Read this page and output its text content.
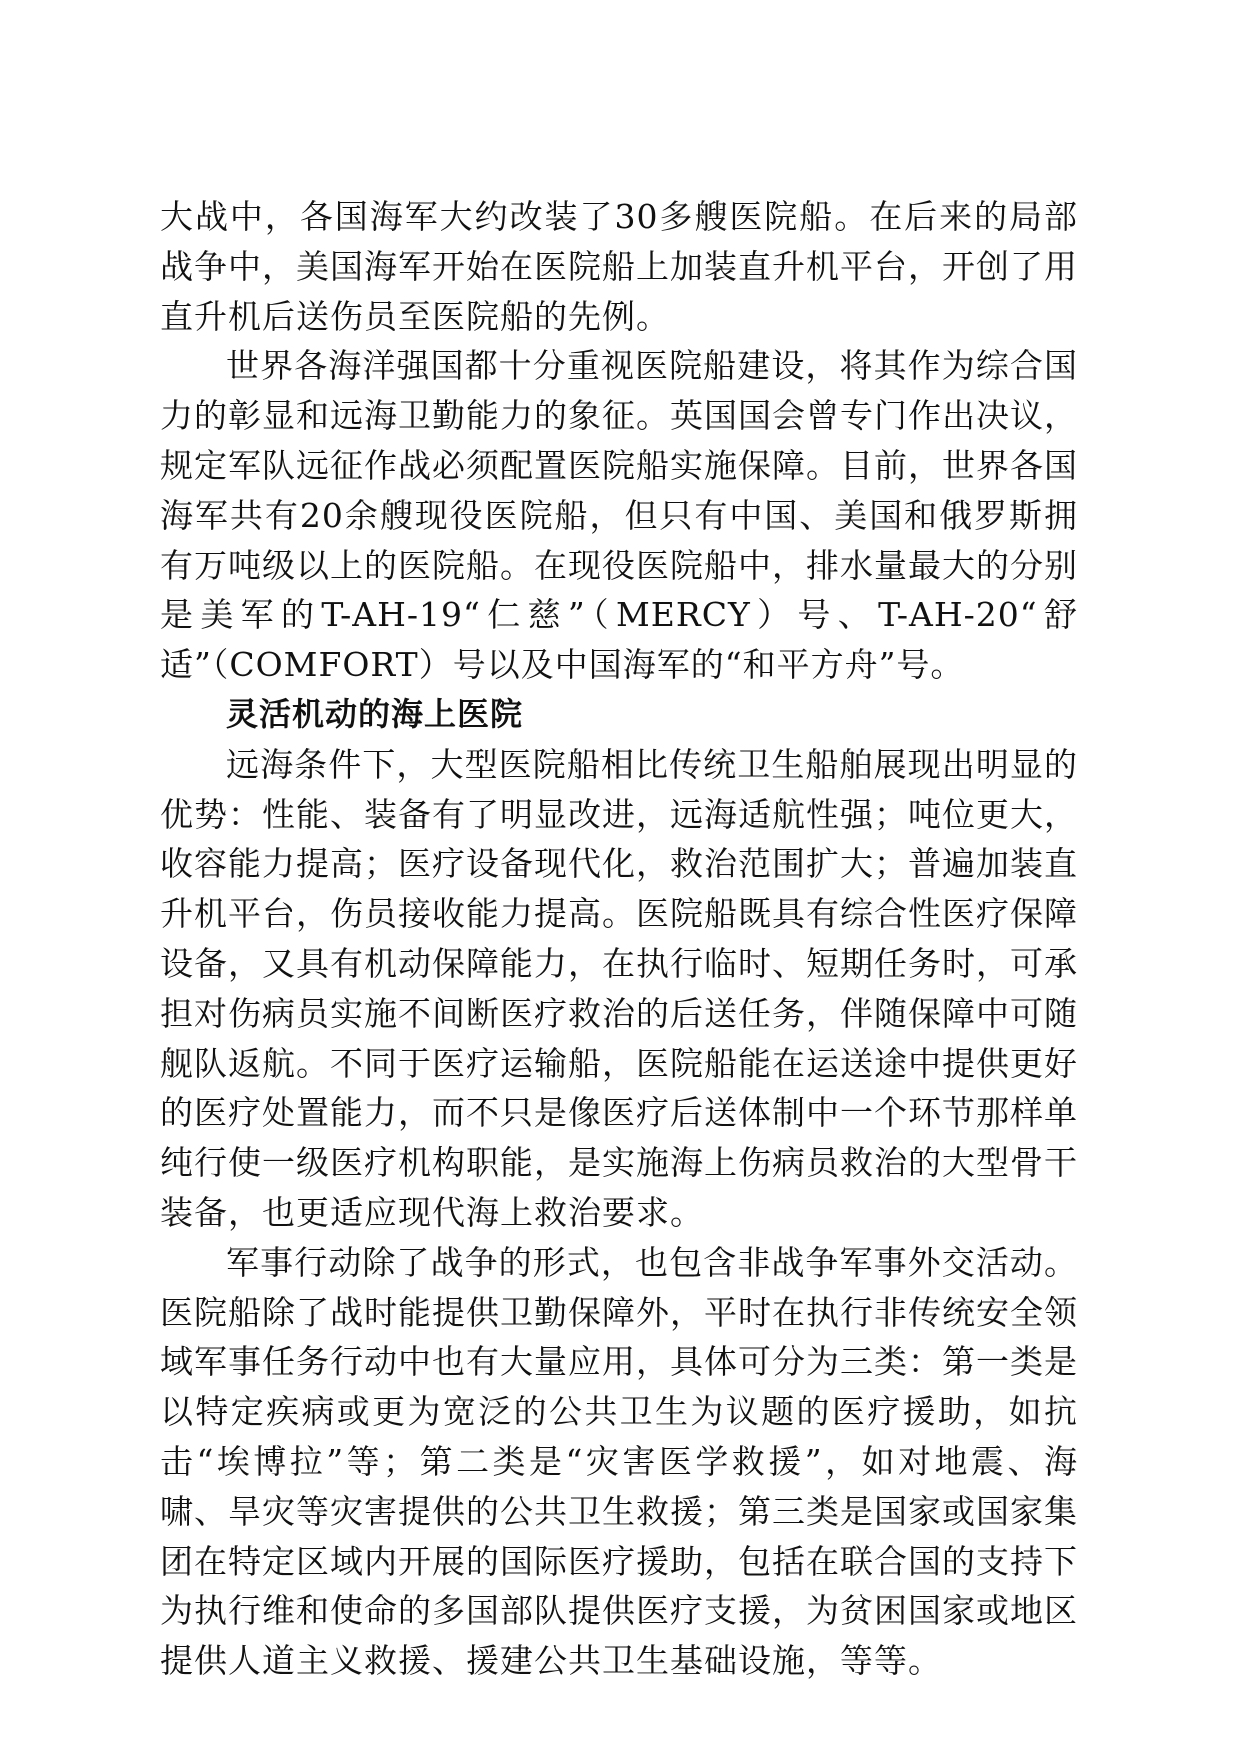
大战中，各国海军大约改装了30多艘医院船。在后来的局部战争中，美国海军开始在医院船上加装直升机平台，开创了用直升机后送伤员至医院船的先例。

世界各海洋强国都十分重视医院船建设，将其作为综合国力的彰显和远海卫勤能力的象征。英国国会曾专门作出决议，规定军队远征作战必须配置医院船实施保障。目前，世界各国海军共有20余艘现役医院船，但只有中国、美国和俄罗斯拥有万吨级以上的医院船。在现役医院船中，排水量最大的分别是美军的T-AH-19“仁慈”（MERCY）号、T-AH-20“舒适”（COMFORT）号以及中国海军的“和平方舟”号。

灵活机动的海上医院

远海条件下，大型医院船相比传统卫生船舶展现出明显的优势：性能、装备有了明显改进，远海适航性强；吨位更大，收容能力提高；医疗设备现代化，救治范围扩大；普遍加装直升机平台，伤员接收能力提高。医院船既具有综合性医疗保障设备，又具有机动保障能力，在执行临时、短期任务时，可承担对伤病员实施不间断医疗救治的后送任务，伴随保障中可随舰队返航。不同于医疗运输船，医院船能在运送途中提供更好的医疗处置能力，而不只是像医疗后送体制中一个环节那样单纯行使一级医疗机构职能，是实施海上伤病员救治的大型骨干装备，也更适应现代海上救治要求。

军事行动除了战争的形式，也包含非战争军事外交活动。医院船除了战时能提供卫勤保障外，平时在执行非传统安全领域军事任务行动中也有大量应用，具体可分为三类：第一类是以特定疾病或更为宽泛的公共卫生为议题的医疗援助，如抗击“埃博拉”等；第二类是“灾害医学救援”，如对地震、海啸、旱灾等灾害提供的公共卫生救援；第三类是国家或国家集团在特定区域内开展的国际医疗援助，包括在联合国的支持下为执行维和使命的多国部队提供医疗支援，为贫困国家或地区提供人道主义救援、援建公共卫生基础设施，等等。
